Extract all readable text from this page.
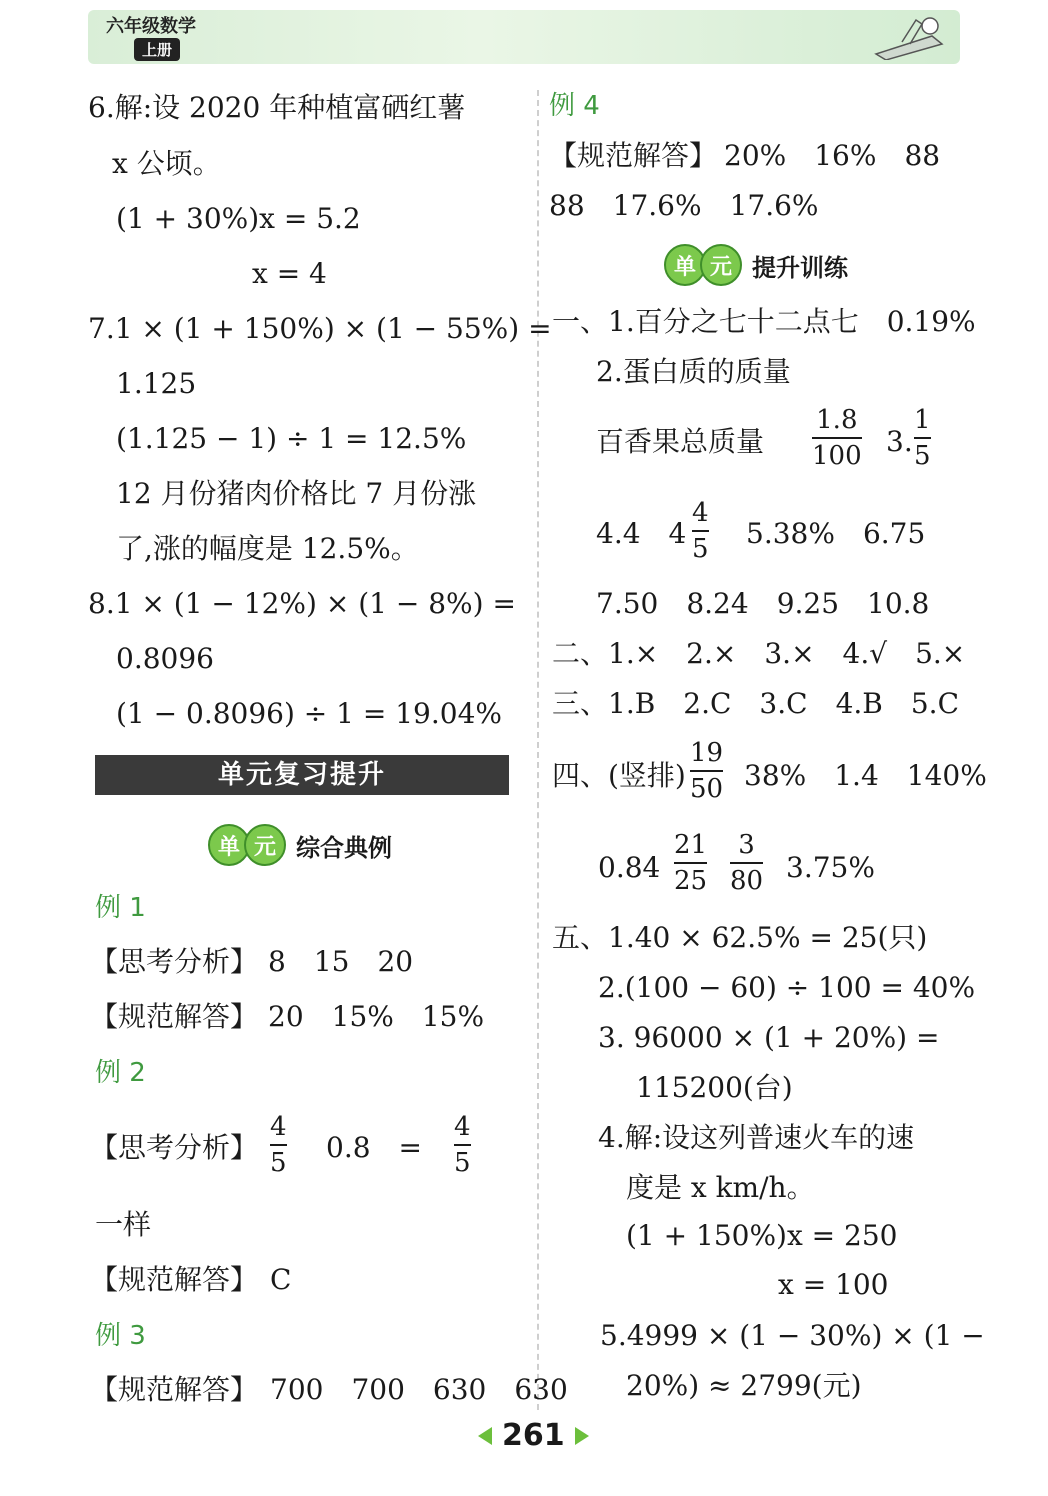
六年级数学
上册
6.解:设 2020 年种植富硒红薯
x 公顷。
(1 + 30%)x = 5.2
x = 4
7.1 × (1 + 150%) × (1 − 55%) =
1.125
(1.125 − 1) ÷ 1 = 12.5%
12 月份猪肉价格比 7 月份涨
了,涨的幅度是 12.5%。
8.1 × (1 − 12%) × (1 − 8%) =
0.8096
(1 − 0.8096) ÷ 1 = 19.04%
单元复习提升
单 元 综合典例
例 1
【思考分析】 8　15　20
【规范解答】 20　15%　15%
例 2
【思考分析】
4
5 0.8　=
4
5
一样
【规范解答】 C
例 3
【规范解答】 700　700　630　630
例 4
【规范解答】 20%　16%　88
88　17.6%　17.6%
单 元 提升训练
一、1.百分之七十二点七　0.19%
2.蛋白质的质量
百香果总质量
1.8
100 3.
1
5
4.4　4
4
5 5.38%　6.75
7.50　8.24　9.25　10.8
二、1.×　2.×　3.×　4.√　5.×
三、1.B　2.C　3.C　4.B　5.C
四、(竖排)
19
50 38%　1.4　140%
0.84
21
25
3
80 3.75%
五、1.40 × 62.5% = 25(只)
2.(100 − 60) ÷ 100 = 40%
3. 96000 × (1 + 20%) =
115200(台)
4.解:设这列普速火车的速
度是 x km/h。
(1 + 150%)x = 250
x = 100
5.4999 × (1 − 30%) × (1 −
20%) ≈ 2799(元)
261
